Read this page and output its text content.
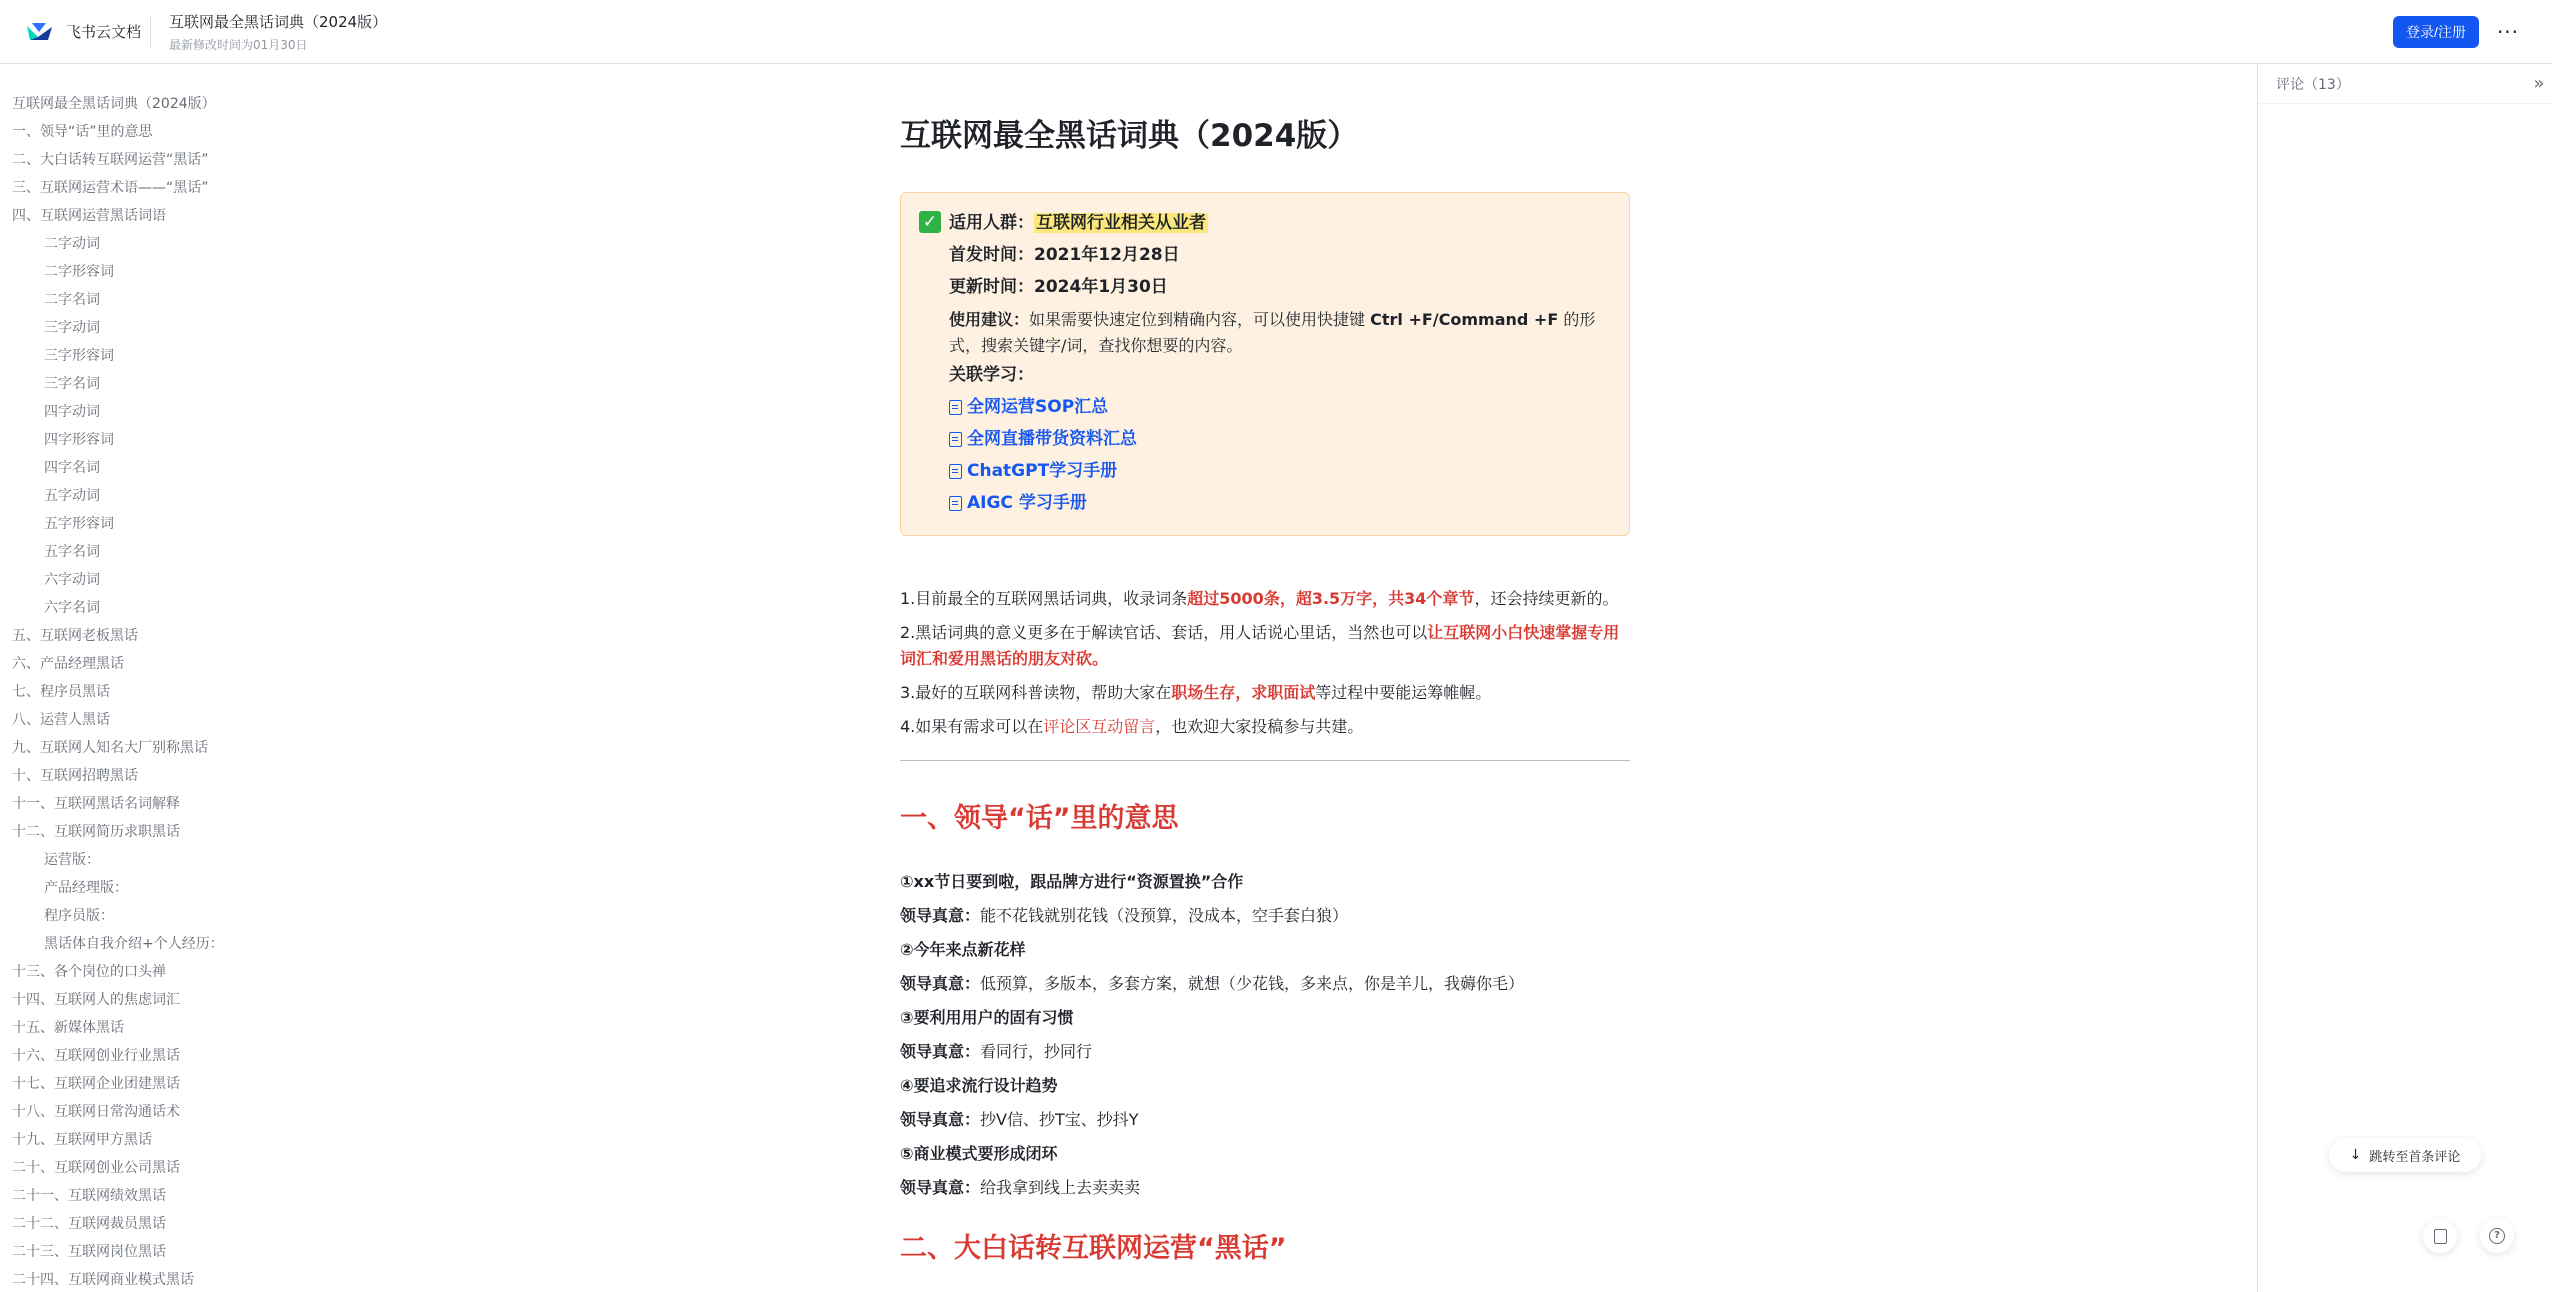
飞书云文档
互联网最全黑话词典（2024版）
最新修改时间为01月30日
登录/注册	···
互联网最全黑话词典（2024版）
一、领导“话”里的意思
二、大白话转互联网运营“黑话”
三、互联网运营术语——“黑话”
四、互联网运营黑话词语
二字动词
二字形容词
二字名词
三字动词
三字形容词
三字名词
四字动词
四字形容词
四字名词
五字动词
五字形容词
五字名词
六字动词
六字名词
五、互联网老板黑话
六、产品经理黑话
七、程序员黑话
八、运营人黑话
九、互联网人知名大厂别称黑话
十、互联网招聘黑话
十一、互联网黑话名词解释
十二、互联网简历求职黑话
运营版：
产品经理版：
程序员版：
黑话体自我介绍+个人经历：
十三、各个岗位的口头禅
十四、互联网人的焦虑词汇
十五、新媒体黑话
十六、互联网创业行业黑话
十七、互联网企业团建黑话
十八、互联网日常沟通话术
十九、互联网甲方黑话
二十、互联网创业公司黑话
二十一、互联网绩效黑话
二十二、互联网裁员黑话
二十三、互联网岗位黑话
二十四、互联网商业模式黑话
互联网最全黑话词典（2024版）
✓ 适用人群： 互联网行业相关从业者
首发时间：2021年12月28日
更新时间：2024年1月30日
使用建议：如果需要快速定位到精确内容，可以使用快捷键 Ctrl +F/Command +F 的形式，搜索关键字/词，查找你想要的内容。
关联学习：
全网运营SOP汇总
全网直播带货资料汇总
ChatGPT学习手册
AIGC 学习手册
1.目前最全的互联网黑话词典，收录词条超过5000条，超3.5万字，共34个章节，还会持续更新的。
2.黑话词典的意义更多在于解读官话、套话，用人话说心里话，当然也可以让互联网小白快速掌握专用词汇和爱用黑话的朋友对砍。
3.最好的互联网科普读物，帮助大家在职场生存，求职面试等过程中要能运筹帷幄。
4.如果有需求可以在评论区互动留言，也欢迎大家投稿参与共建。
一、领导“话”里的意思
①xx节日要到啦，跟品牌方进行“资源置换”合作
领导真意：能不花钱就别花钱（没预算，没成本，空手套白狼）
②今年来点新花样
领导真意：低预算，多版本，多套方案，就想（少花钱，多来点，你是羊儿，我薅你毛）
③要利用用户的固有习惯
领导真意：看同行，抄同行
④要追求流行设计趋势
领导真意：抄V信、抄T宝、抄抖Y
⑤商业模式要形成闭环
领导真意：给我拿到线上去卖卖卖
二、大白话转互联网运营“黑话”
评论（13）	»
↓ 跳转至首条评论
?
